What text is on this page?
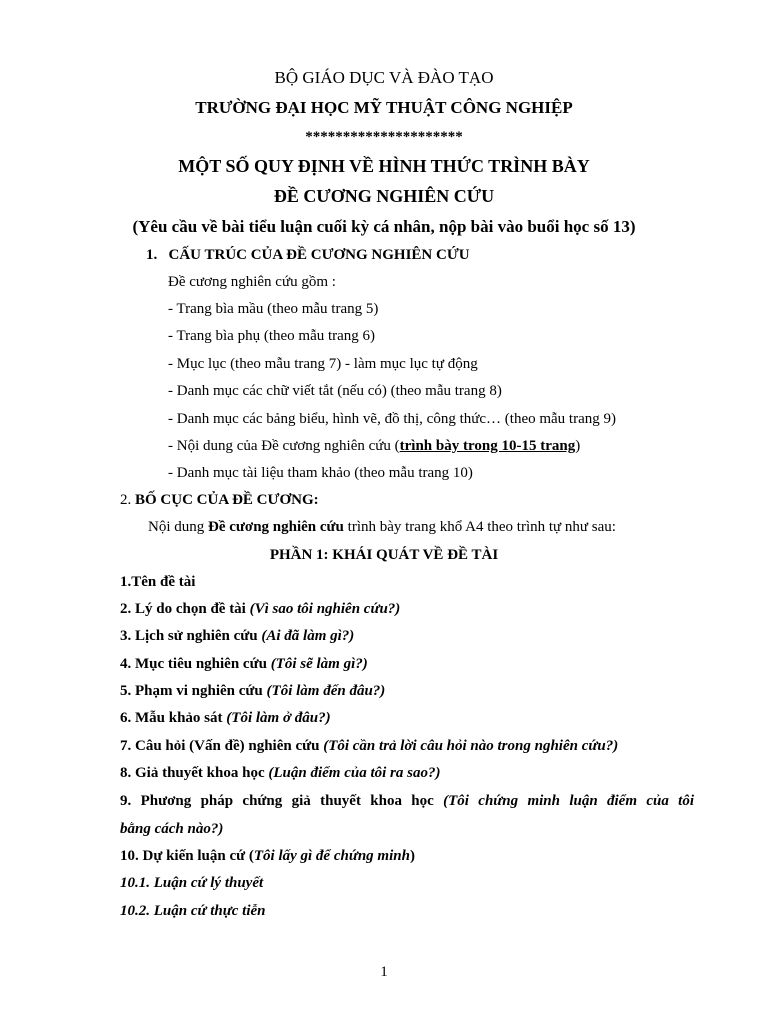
BỘ GIÁO DỤC VÀ ĐÀO TẠO
TRƯỜNG ĐẠI HỌC MỸ THUẬT CÔNG NGHIỆP
*********************
MỘT SỐ QUY ĐỊNH VỀ HÌNH THỨC TRÌNH BÀY
ĐỀ CƯƠNG NGHIÊN CỨU
(Yêu cầu về bài tiểu luận cuối kỳ cá nhân, nộp bài vào buổi học số 13)
1. CẤU TRÚC CỦA ĐỀ CƯƠNG NGHIÊN CỨU
Đề cương nghiên cứu gồm :
- Trang bìa mầu (theo mẫu trang 5)
- Trang bìa phụ (theo mẫu trang 6)
- Mục lục (theo mẫu trang 7) - làm mục lục tự động
- Danh mục các chữ viết tắt (nếu có) (theo mẫu trang 8)
- Danh mục các bảng biểu, hình vẽ, đồ thị, công thức… (theo mẫu trang 9)
- Nội dung của Đề cương nghiên cứu (trình bày trong 10-15 trang)
- Danh mục tài liệu tham khảo (theo mẫu trang 10)
2. BỐ CỤC CỦA ĐỀ CƯƠNG:
Nội dung Đề cương nghiên cứu trình bày trang khổ A4 theo trình tự như sau:
PHẦN 1: KHÁI QUÁT VỀ ĐỀ TÀI
1.Tên đề tài
2. Lý do chọn đề tài (Vì sao tôi nghiên cứu?)
3. Lịch sử nghiên cứu (Ai đã làm gì?)
4. Mục tiêu nghiên cứu (Tôi sẽ làm gì?)
5. Phạm vi nghiên cứu (Tôi làm đến đâu?)
6. Mẫu khảo sát (Tôi làm ở đâu?)
7. Câu hỏi (Vấn đề) nghiên cứu (Tôi cần trả lời câu hỏi nào trong nghiên cứu?)
8. Giả thuyết khoa học (Luận điểm của tôi ra sao?)
9. Phương pháp chứng giả thuyết khoa học (Tôi chứng minh luận điểm của tôi
bằng cách nào?)
10. Dự kiến luận cứ (Tôi lấy gì để chứng minh)
10.1. Luận cứ lý thuyết
10.2. Luận cứ thực tiễn
1
